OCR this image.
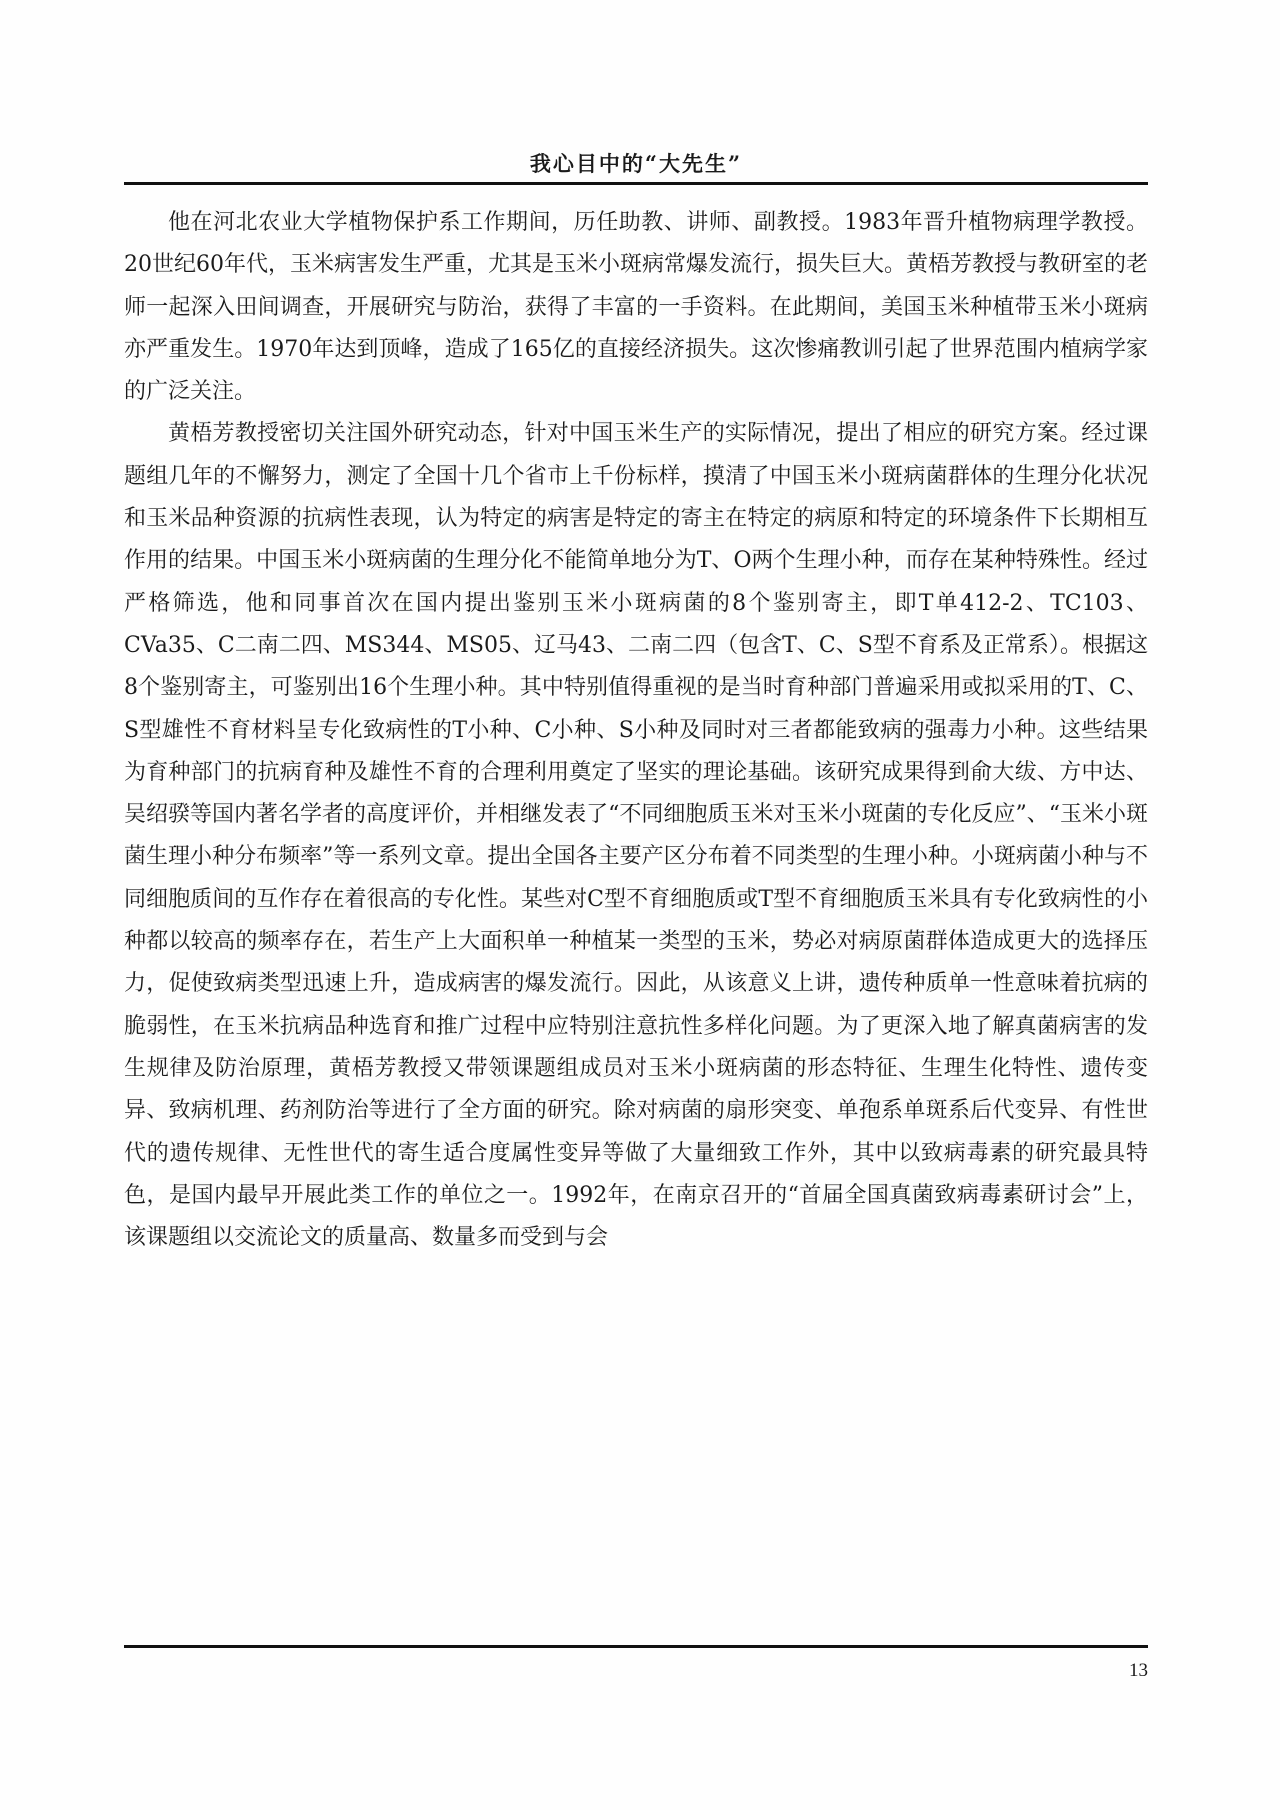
我心目中的“大先生”

他在河北农业大学植物保护系工作期间，历任助教、讲师、副教授。1983年晋升植物病理学教授。20世纪60年代，玉米病害发生严重，尤其是玉米小斑病常爆发流行，损失巨大。黄梧芳教授与教研室的老师一起深入田间调查，开展研究与防治，获得了丰富的一手资料。在此期间，美国玉米种植带玉米小斑病亦严重发生。1970年达到顶峰，造成了165亿的直接经济损失。这次惨痛教训引起了世界范围内植病学家的广泛关注。

黄梧芳教授密切关注国外研究动态，针对中国玉米生产的实际情况，提出了相应的研究方案。经过课题组几年的不懈努力，测定了全国十几个省市上千份标样，摸清了中国玉米小斑病菌群体的生理分化状况和玉米品种资源的抗病性表现，认为特定的病害是特定的寄主在特定的病原和特定的环境条件下长期相互作用的结果。中国玉米小斑病菌的生理分化不能简单地分为T、O两个生理小种，而存在某种特殊性。经过严格筛选，他和同事首次在国内提出鉴别玉米小斑病菌的8个鉴别寄主，即T单412-2、TC103、CVa35、C二南二四、MS344、MS05、辽马43、二南二四（包含T、C、S型不育系及正常系）。根据这8个鉴别寄主，可鉴别出16个生理小种。其中特别值得重视的是当时育种部门普遍采用或拟采用的T、C、S型雄性不育材料呈专化致病性的T小种、C小种、S小种及同时对三者都能致病的强毒力小种。这些结果为育种部门的抗病育种及雄性不育的合理利用奠定了坚实的理论基础。该研究成果得到俞大绂、方中达、吴绍骙等国内著名学者的高度评价，并相继发表了“不同细胞质玉米对玉米小斑菌的专化反应”、“玉米小斑菌生理小种分布频率”等一系列文章。提出全国各主要产区分布着不同类型的生理小种。小斑病菌小种与不同细胞质间的互作存在着很高的专化性。某些对C型不育细胞质或T型不育细胞质玉米具有专化致病性的小种都以较高的频率存在，若生产上大面积单一种植某一类型的玉米，势必对病原菌群体造成更大的选择压力，促使致病类型迅速上升，造成病害的爆发流行。因此，从该意义上讲，遗传种质单一性意味着抗病的脆弱性，在玉米抗病品种选育和推广过程中应特别注意抗性多样化问题。为了更深入地了解真菌病害的发生规律及防治原理，黄梧芳教授又带领课题组成员对玉米小斑病菌的形态特征、生理生化特性、遗传变异、致病机理、药剂防治等进行了全方面的研究。除对病菌的扇形突变、单孢系单斑系后代变异、有性世代的遗传规律、无性世代的寄生适合度属性变异等做了大量细致工作外，其中以致病毒素的研究最具特色，是国内最早开展此类工作的单位之一。1992年，在南京召开的“首届全国真菌致病毒素研讨会”上，该课题组以交流论文的质量高、数量多而受到与会

13
